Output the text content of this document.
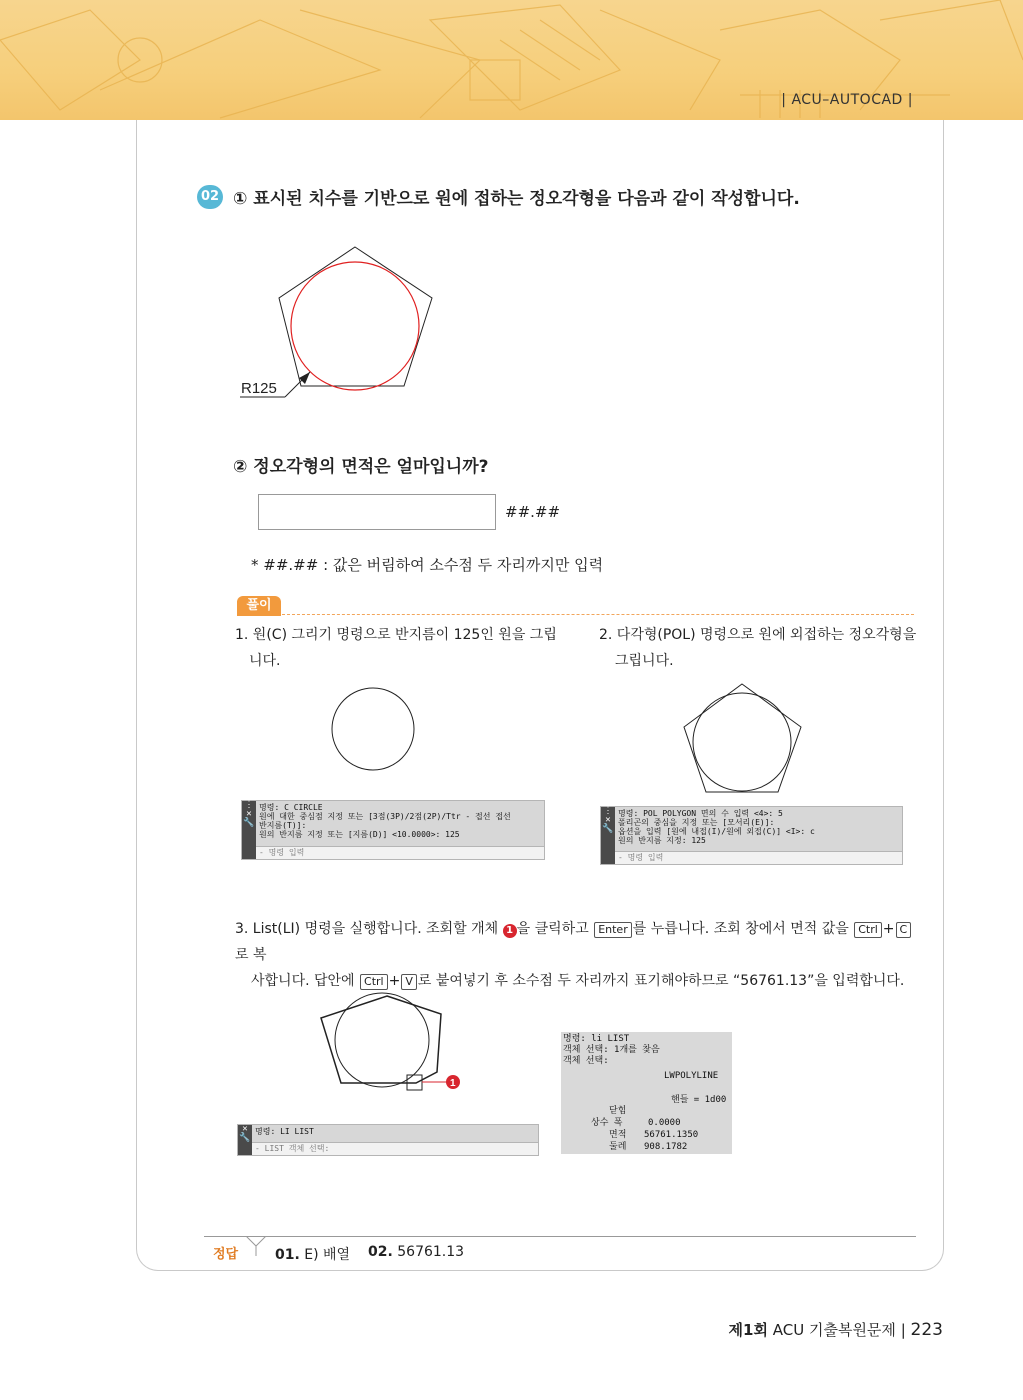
| ACU–AUTOCAD |
02 ① 표시된 치수를 기반으로 원에 접하는 정오각형을 다음과 같이 작성합니다.
R125
② 정오각형의 면적은 얼마입니까?
##.##
* ##.## : 값은 버림하여 소수점 두 자리까지만 입력
풀이
1. 원(C) 그리기 명령으로 반지름이 125인 원을 그립
니다.
2. 다각형(POL) 명령으로 원에 외접하는 정오각형을
그립니다.
⋮
✕
🔧
명령: C CIRCLE
원에 대한 중심점 지정 또는 [3점(3P)/2점(2P)/Ttr - 접선 접선
반지름(T)]:
원의 반지름 지정 또는 [지름(D)] <10.0000>: 125
- 명령 입력
⋮
✕
🔧
명령: POL POLYGON 면의 수 입력 <4>: 5
폴리곤의 중심을 지정 또는 [모서리(E)]:
옵션을 입력 [원에 내접(I)/원에 외접(C)] <I>: c
원의 반지름 지정: 125
- 명령 입력
3. List(LI) 명령을 실행합니다. 조회할 개체 1 을 클릭하고 Enter 를 누릅니다. 조회 창에서 면적 값을 Ctrl + C로 복
사합니다. 답안에 Ctrl + V 로 붙여넣기 후 소수점 두 자리까지 표기해야하므로 “56761.13”을 입력합니다.
1
✕
🔧
명령: LI LIST
- LIST 객체 선택:
명령: li LIST
객체 선택: 1개를 찾음
객체 선택:
LWPOLYLINE
핸들 = 1d00
닫힘
상수 폭	0.0000
면적 56761.1350
둘레 908.1782
정답	01. E) 배열 02. 56761.13
제1회 ACU 기출복원문제 | 223
